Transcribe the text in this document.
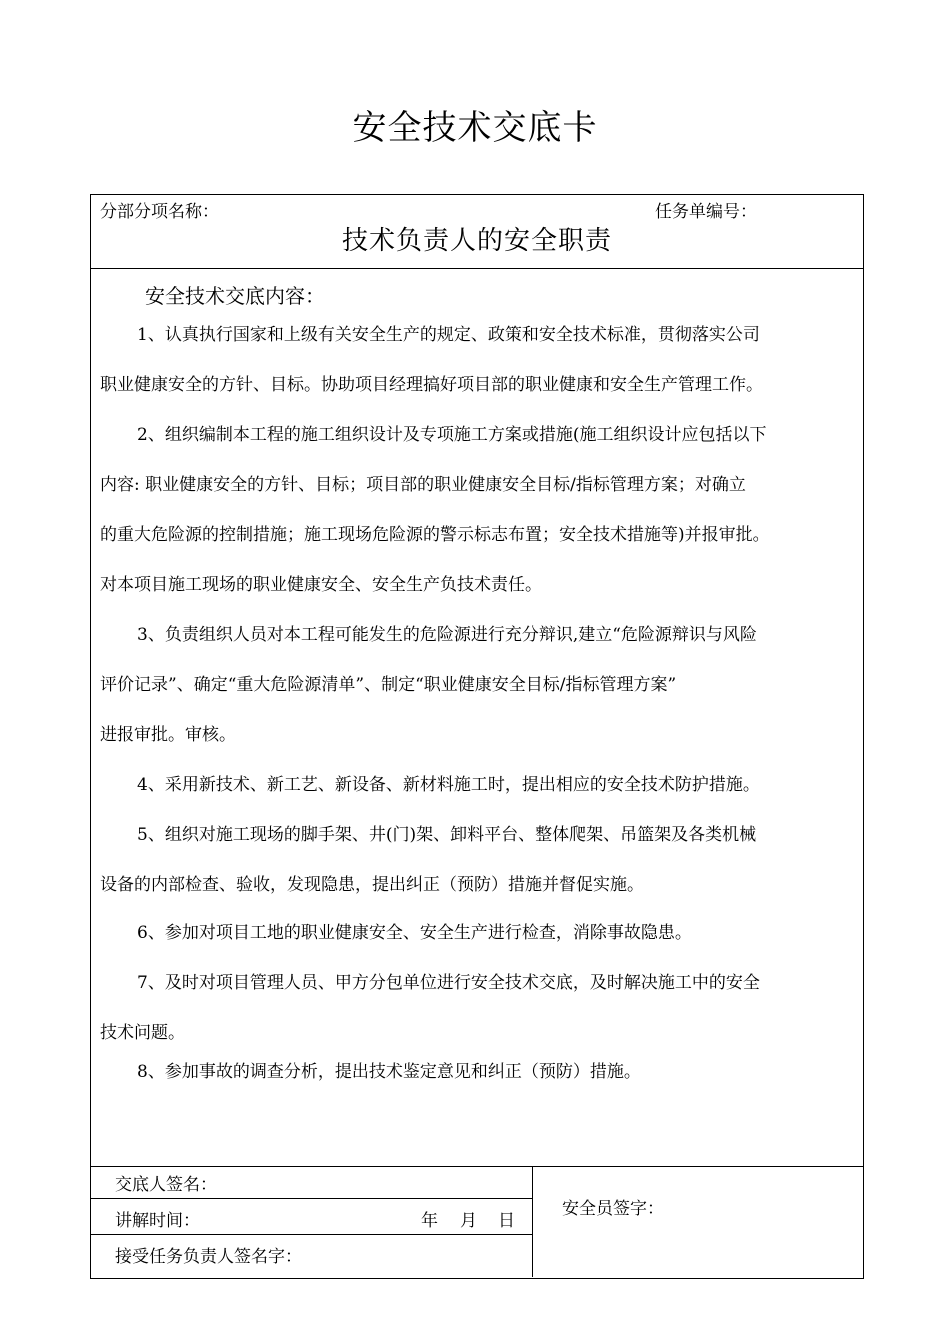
安全技术交底卡
分部分项名称：	任务单编号：
技术负责人的安全职责
安全技术交底内容：
1、认真执行国家和上级有关安全生产的规定、政策和安全技术标准，贯彻落实公司
职业健康安全的方针、目标。协助项目经理搞好项目部的职业健康和安全生产管理工作。
2、组织编制本工程的施工组织设计及专项施工方案或措施(施工组织设计应包括以下
内容: 职业健康安全的方针、目标；项目部的职业健康安全目标/指标管理方案；对确立
的重大危险源的控制措施；施工现场危险源的警示标志布置；安全技术措施等)并报审批。
对本项目施工现场的职业健康安全、安全生产负技术责任。
3、负责组织人员对本工程可能发生的危险源进行充分辩识,建立“危险源辩识与风险
评价记录”、确定“重大危险源清单”、制定“职业健康安全目标/指标管理方案”
进报审批。审核。
4、采用新技术、新工艺、新设备、新材料施工时，提出相应的安全技术防护措施。
5、组织对施工现场的脚手架、井(门)架、卸料平台、整体爬架、吊篮架及各类机械
设备的内部检查、验收，发现隐患，提出纠正（预防）措施并督促实施。
6、参加对项目工地的职业健康安全、安全生产进行检查，消除事故隐患。
7、及时对项目管理人员、甲方分包单位进行安全技术交底，及时解决施工中的安全
技术问题。
8、参加事故的调查分析，提出技术鉴定意见和纠正（预防）措施。
交底人签名：
讲解时间：	年 月 日
接受任务负责人签名字：
安全员签字：
